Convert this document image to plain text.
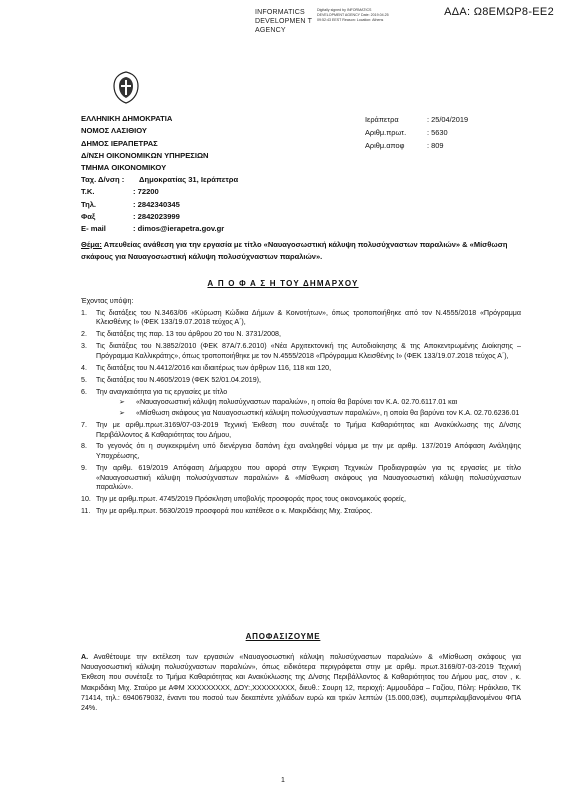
INFORMATICS DEVELOPMEN T AGENCY
Digitally signed by INFORMATICS DEVELOPMENT AGENCY Date: 2019.04.25 09:52:43 EEST Reason: Location: Athens
ΑΔΑ: Ω8ΕΜΩΡ8-ΕΕ2
ΕΛΛΗΝΙΚΗ ΔΗΜΟΚΡΑΤΙΑ
ΝΟΜΟΣ ΛΑΣΙΘΙΟΥ
ΔΗΜΟΣ ΙΕΡΑΠΕΤΡΑΣ
Δ/ΝΣΗ ΟΙΚΟΝΟΜΙΚΩΝ ΥΠΗΡΕΣΙΩΝ
ΤΜΗΜΑ ΟΙΚΟΝΟΜΙΚΟΥ
Ταχ. Δ/νση :	Δημοκρατίας 31, Ιεράπετρα
Τ.Κ.	: 72200
Τηλ.	: 2842340345
Φαξ	: 2842023999
E- mail	: dimos@ierapetra.gov.gr
Ιεράπετρα	: 25/04/2019
Αριθμ.πρωτ.	: 5630
Αριθμ.αποφ	: 809
Θέμα: Απευθείας ανάθεση για την εργασία με τίτλο «Ναυαγοσωστική κάλυψη πολυσύχναστων παραλιών» & «Μίσθωση σκάφους για Ναυαγοσωστική κάλυψη πολυσύχναστων παραλιών».
Α Π Ο Φ Α Σ Η ΤΟΥ ΔΗΜΑΡΧΟΥ
Έχοντας υπόψη:
1. Τις διατάξεις του Ν.3463/06 «Κύρωση Κώδικα Δήμων & Κοινοτήτων», όπως τροποποιήθηκε από τον Ν.4555/2018 «Πρόγραμμα Κλεισθένης Ι» (ΦΕΚ 133/19.07.2018 τεύχος Α΄),
2. Τις διατάξεις της παρ. 13 του άρθρου 20 του Ν. 3731/2008,
3. Τις διατάξεις του Ν.3852/2010 (ΦΕΚ 87Α/7.6.2010) «Νέα Αρχιτεκτονική της Αυτοδιοίκησης & της Αποκεντρωμένης Διοίκησης – Πρόγραμμα Καλλικράτης», όπως τροποποιήθηκε με τον Ν.4555/2018 «Πρόγραμμα Κλεισθένης Ι» (ΦΕΚ 133/19.07.2018 τεύχος Α΄),
4. Τις διατάξεις του Ν.4412/2016 και ιδιαιτέρως των άρθρων 116, 118 και 120,
5. Τις διατάξεις του Ν.4605/2019 (ΦΕΚ 52/01.04.2019),
6. Την αναγκαιότητα για τις εργασίες με τίτλο
➢ «Ναυαγοσωστική κάλυψη πολυσύχναστων παραλιών», η οποία θα βαρύνει τον Κ.Α. 02.70.6117.01 και
➢ «Μίσθωση σκάφους για Ναυαγοσωστική κάλυψη πολυσύχναστων παραλιών», η οποία θα βαρύνει τον Κ.Α. 02.70.6236.01
7. Την με αριθμ.πρωτ.3169/07-03-2019 Τεχνική Έκθεση που συνέταξε το Τμήμα Καθαριότητας και Ανακύκλωσης της Δ/νσης Περιβάλλοντος & Καθαριότητας του Δήμου,
8. Το γεγονός ότι η συγκεκριμένη υπό διενέργεια δαπάνη έχει αναληφθεί νόμιμα με την με αριθμ. 137/2019 Απόφαση Ανάληψης Υποχρέωσης,
9. Την αριθμ. 619/2019 Απόφαση Δήμαρχου που αφορά στην Έγκριση Τεχνικών Προδιαγραφών για τις εργασίες με τίτλο «Ναυαγοσωστική κάλυψη πολυσύχναστων παραλιών» & «Μίσθωση σκάφους για Ναυαγοσωστική κάλυψη πολυσύχναστων παραλιών».
10. Την με αριθμ.πρωτ. 4745/2019 Πρόσκληση υποβολής προσφοράς προς τους οικονομικούς φορείς,
11. Την με αριθμ.πρωτ. 5630/2019 προσφορά που κατέθεσε ο κ. Μακριδάκης Μιχ. Σταύρος.
ΑΠΟΦΑΣΙΖΟΥΜΕ
Α. Αναθέτουμε την εκτέλεση των εργασιών «Ναυαγοσωστική κάλυψη πολυσύχναστων παραλιών» & «Μίσθωση σκάφους για Ναυαγοσωστική κάλυψη πολυσύχναστων παραλιών», όπως ειδικότερα περιγράφεται στην με αριθμ. πρωτ.3169/07-03-2019 Τεχνική Έκθεση που συνέταξε το Τμήμα Καθαριότητας και Ανακύκλωσης της Δ/νσης Περιβάλλοντος & Καθαριότητας του Δήμου μας, στον , κ. Μακριδάκη Μιχ. Σταύρο με ΑΦΜ ΧΧΧΧΧΧΧΧΧ, ΔΟΥ:,ΧΧΧΧΧΧΧΧΧ, διευθ.: Σουρη 12, περιοχή: Αμμουδάρα – Γαζίου, Πόλη: Ηράκλειο, ΤΚ 71414, τηλ.: 6940679032, έναντι του ποσού των δεκαπέντε χιλιάδων ευρώ και τριών λεπτών (15.000,03€), συμπεριλαμβανομένου ΦΠΑ 24%.
1
